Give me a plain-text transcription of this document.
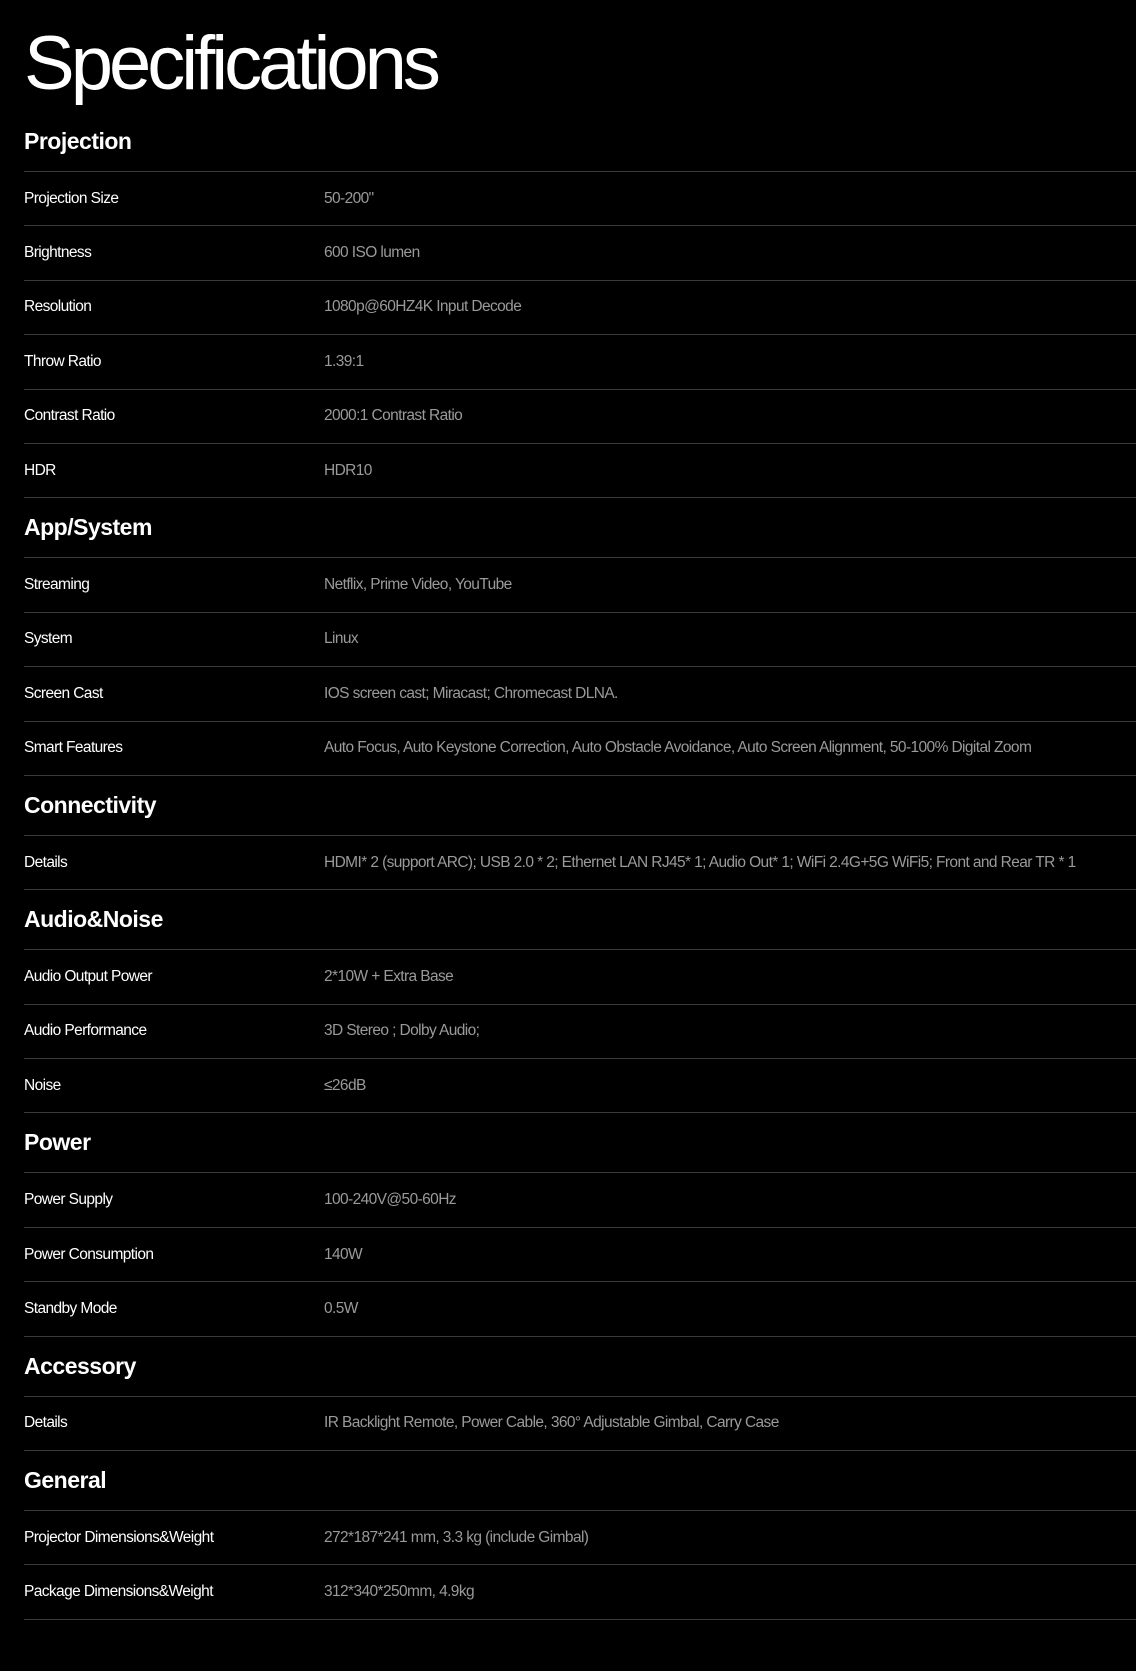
Specifications
Projection
Projection Size	50-200"
Brightness	600 ISO lumen
Resolution	1080p@60HZ4K Input Decode
Throw Ratio	1.39:1
Contrast Ratio	2000:1 Contrast Ratio
HDR	HDR10
App/System
Streaming	Netflix, Prime Video, YouTube
System	Linux
Screen Cast	IOS screen cast; Miracast; Chromecast DLNA.
Smart Features	Auto Focus, Auto Keystone Correction, Auto Obstacle Avoidance, Auto Screen Alignment, 50-100% Digital Zoom
Connectivity
Details	HDMI* 2 (support ARC); USB 2.0 * 2; Ethernet LAN RJ45* 1; Audio Out* 1; WiFi 2.4G+5G WiFi5; Front and Rear TR * 1
Audio&Noise
Audio Output Power	2*10W + Extra Base
Audio Performance	3D Stereo ; Dolby Audio;
Noise	≤26dB
Power
Power Supply	100-240V@50-60Hz
Power Consumption	140W
Standby Mode	0.5W
Accessory
Details	IR Backlight Remote, Power Cable, 360° Adjustable Gimbal, Carry Case
General
Projector Dimensions&Weight	272*187*241 mm, 3.3 kg (include Gimbal)
Package Dimensions&Weight	312*340*250mm, 4.9kg
